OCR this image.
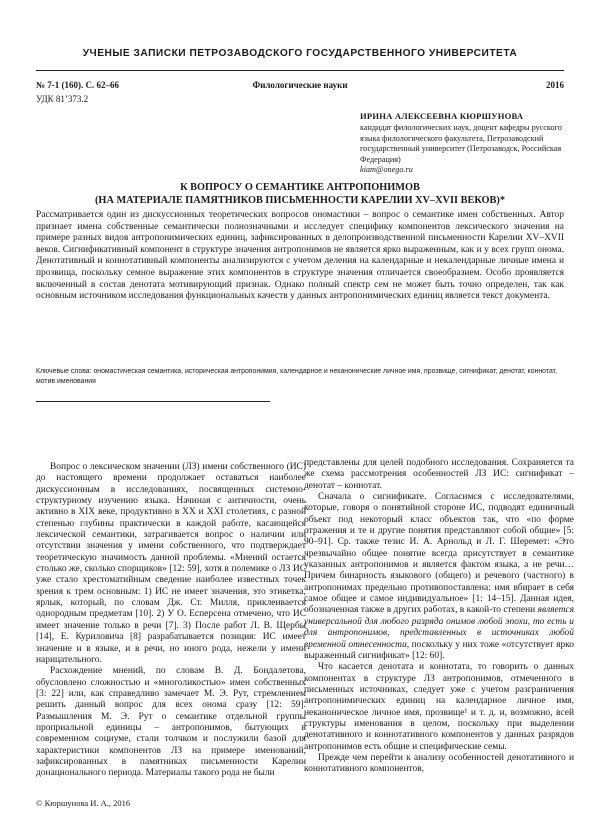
УЧЕНЫЕ ЗАПИСКИ ПЕТРОЗАВОДСКОГО ГОСУДАРСТВЕННОГО УНИВЕРСИТЕТА
№ 7-1 (160). С. 62–66	Филологические науки	2016
УДК 81’373.2
ИРИНА АЛЕКСЕЕВНА КЮРШУНОВА
кандидат филологических наук, доцент кафедры русского языка филологического факультета, Петрозаводский государственный университет (Петрозаводск, Российская Федерация)
kiam@onego.ru
К ВОПРОСУ О СЕМАНТИКЕ АНТРОПОНИМОВ
(НА МАТЕРИАЛЕ ПАМЯТНИКОВ ПИСЬМЕННОСТИ КАРЕЛИИ XV–XVII ВЕКОВ)*
Рассматривается один из дискуссионных теоретических вопросов ономастики – вопрос о семантике имен собственных. Автор признает имена собственные семантически полнозначными и исследует специфику компонентов лексического значения на примере разных видов антропонимических единиц, зафиксированных в делопроизводственной письменности Карелии XV–XVII веков. Сигнификативный компонент в структуре значения антропонимов не является ярко выраженным, как и у всех групп онома. Денотативный и коннотативный компоненты анализируются с учетом деления на календарные и некалендарные личные имена и прозвища, поскольку семное выражение этих компонентов в структуре значения отличается своеобразием. Особо проявляется включенный в состав денотата мотивирующий признак. Однако полный спектр сем не может быть точно определен, так как основным источником исследования функциональных качеств у данных антропонимических единиц является текст документа.
Ключевые слова: ономастическая семантика, историческая антропонимия, календарное и неканонические личное имя, прозвище, сигнификат, денотат, коннотат, мотив именования

Вопрос о лексическом значении (ЛЗ) имени собственного (ИС) до настоящего времени продолжает оставаться наиболее дискуссионным в исследованиях, посвященных системно-структурному изучению языка. Начиная с античности, очень активно в XIX веке, продуктивно в XX и XXI столетиях, с разной степенью глубины практически в каждой работе, касающейся лексической семантики, затрагивается вопрос о наличии или отсутствии значения у имени собственного, что подтверждает теоретическую значимость данной проблемы. «Мнений остается столько же, сколько спорщиков» [12: 59], хотя в полемике о ЛЗ ИС уже стало хрестоматийным сведение наиболее известных точек зрения к трем основным: 1) ИС не имеет значения, это этикетка, ярлык, который, по словам Дж. Ст. Милля, приклеивается однородным предметам [10]. 2) У О. Есперсена отмечено, что ИС имеет значение только в речи [7]. 3) После работ Л. В. Щербы [14], Е. Куриловича [8] разрабатывается позиция: ИС имеет значение и в языке, и в речи, но иного рода, нежели у имени нарицательного.

Расхождение мнений, по словам В. Д. Бондалетова, обусловлено сложностью и «многоликостью» имен собственных [3: 22] или, как справедливо замечает М. Э. Рут, стремлением решить данный вопрос для всех онома сразу [12: 59]. Размышления М. Э. Рут о семантике отдельной группы проприальной единицы – антропонимов, бытующих в современном социуме, стали толчком и послужили базой для характеристики компонентов ЛЗ на примере именований, зафиксированных в памятниках письменности Карелии донационального периода. Материалы такого рода не были

представлены для целей подобного исследования. Сохраняется та же схема рассмотрения особенностей ЛЗ ИС: сигнификат – денотат – коннотат.

Сначала о сигнификате. Согласимся с исследователями, которые, говоря о понятийной стороне ИС, подводят единичный объект под некоторый класс объектов так, что «по форме отражения и те и другие понятия представляют собой общие» [5: 90–91]. Ср. также тезис И. А. Арнольд и Л. Г. Шеремет: «Это чрезвычайно общее понятие всегда присутствует в семантике указанных антропонимов и является фактом языка, а не речи… Причем бинарность языкового (общего) и речевого (частного) в антропонимах предельно противопоставлена: имя вбирает в себя самое общее и самое индивидуальное» [1: 14–15]. Данная идея, обозначенная также в других работах, в какой-то степени является универсальной для любого разряда онимов любой эпохи, то есть и для антропонимов, представленных в источниках любой временной отнесенности, поскольку у них тоже «отсутствует ярко выраженный сигнификат» [12: 60].

Что касается денотата и коннотата, то говорить о данных компонентах в структуре ЛЗ антропонимов, отмеченного в письменных источниках, следует уже с учетом разграничения антропонимических единиц на календарное личное имя, неканоническое личное имя, прозвище¹ и т. д. и, возможно, всей структуры именования в целом, поскольку при выделении денотативного и коннотативного компонентов у данных разрядов антропонимов есть общие и специфические семы.

Прежде чем перейти к анализу особенностей денотативного и коннотативного компонентов,

© Кюршунова И. А., 2016
